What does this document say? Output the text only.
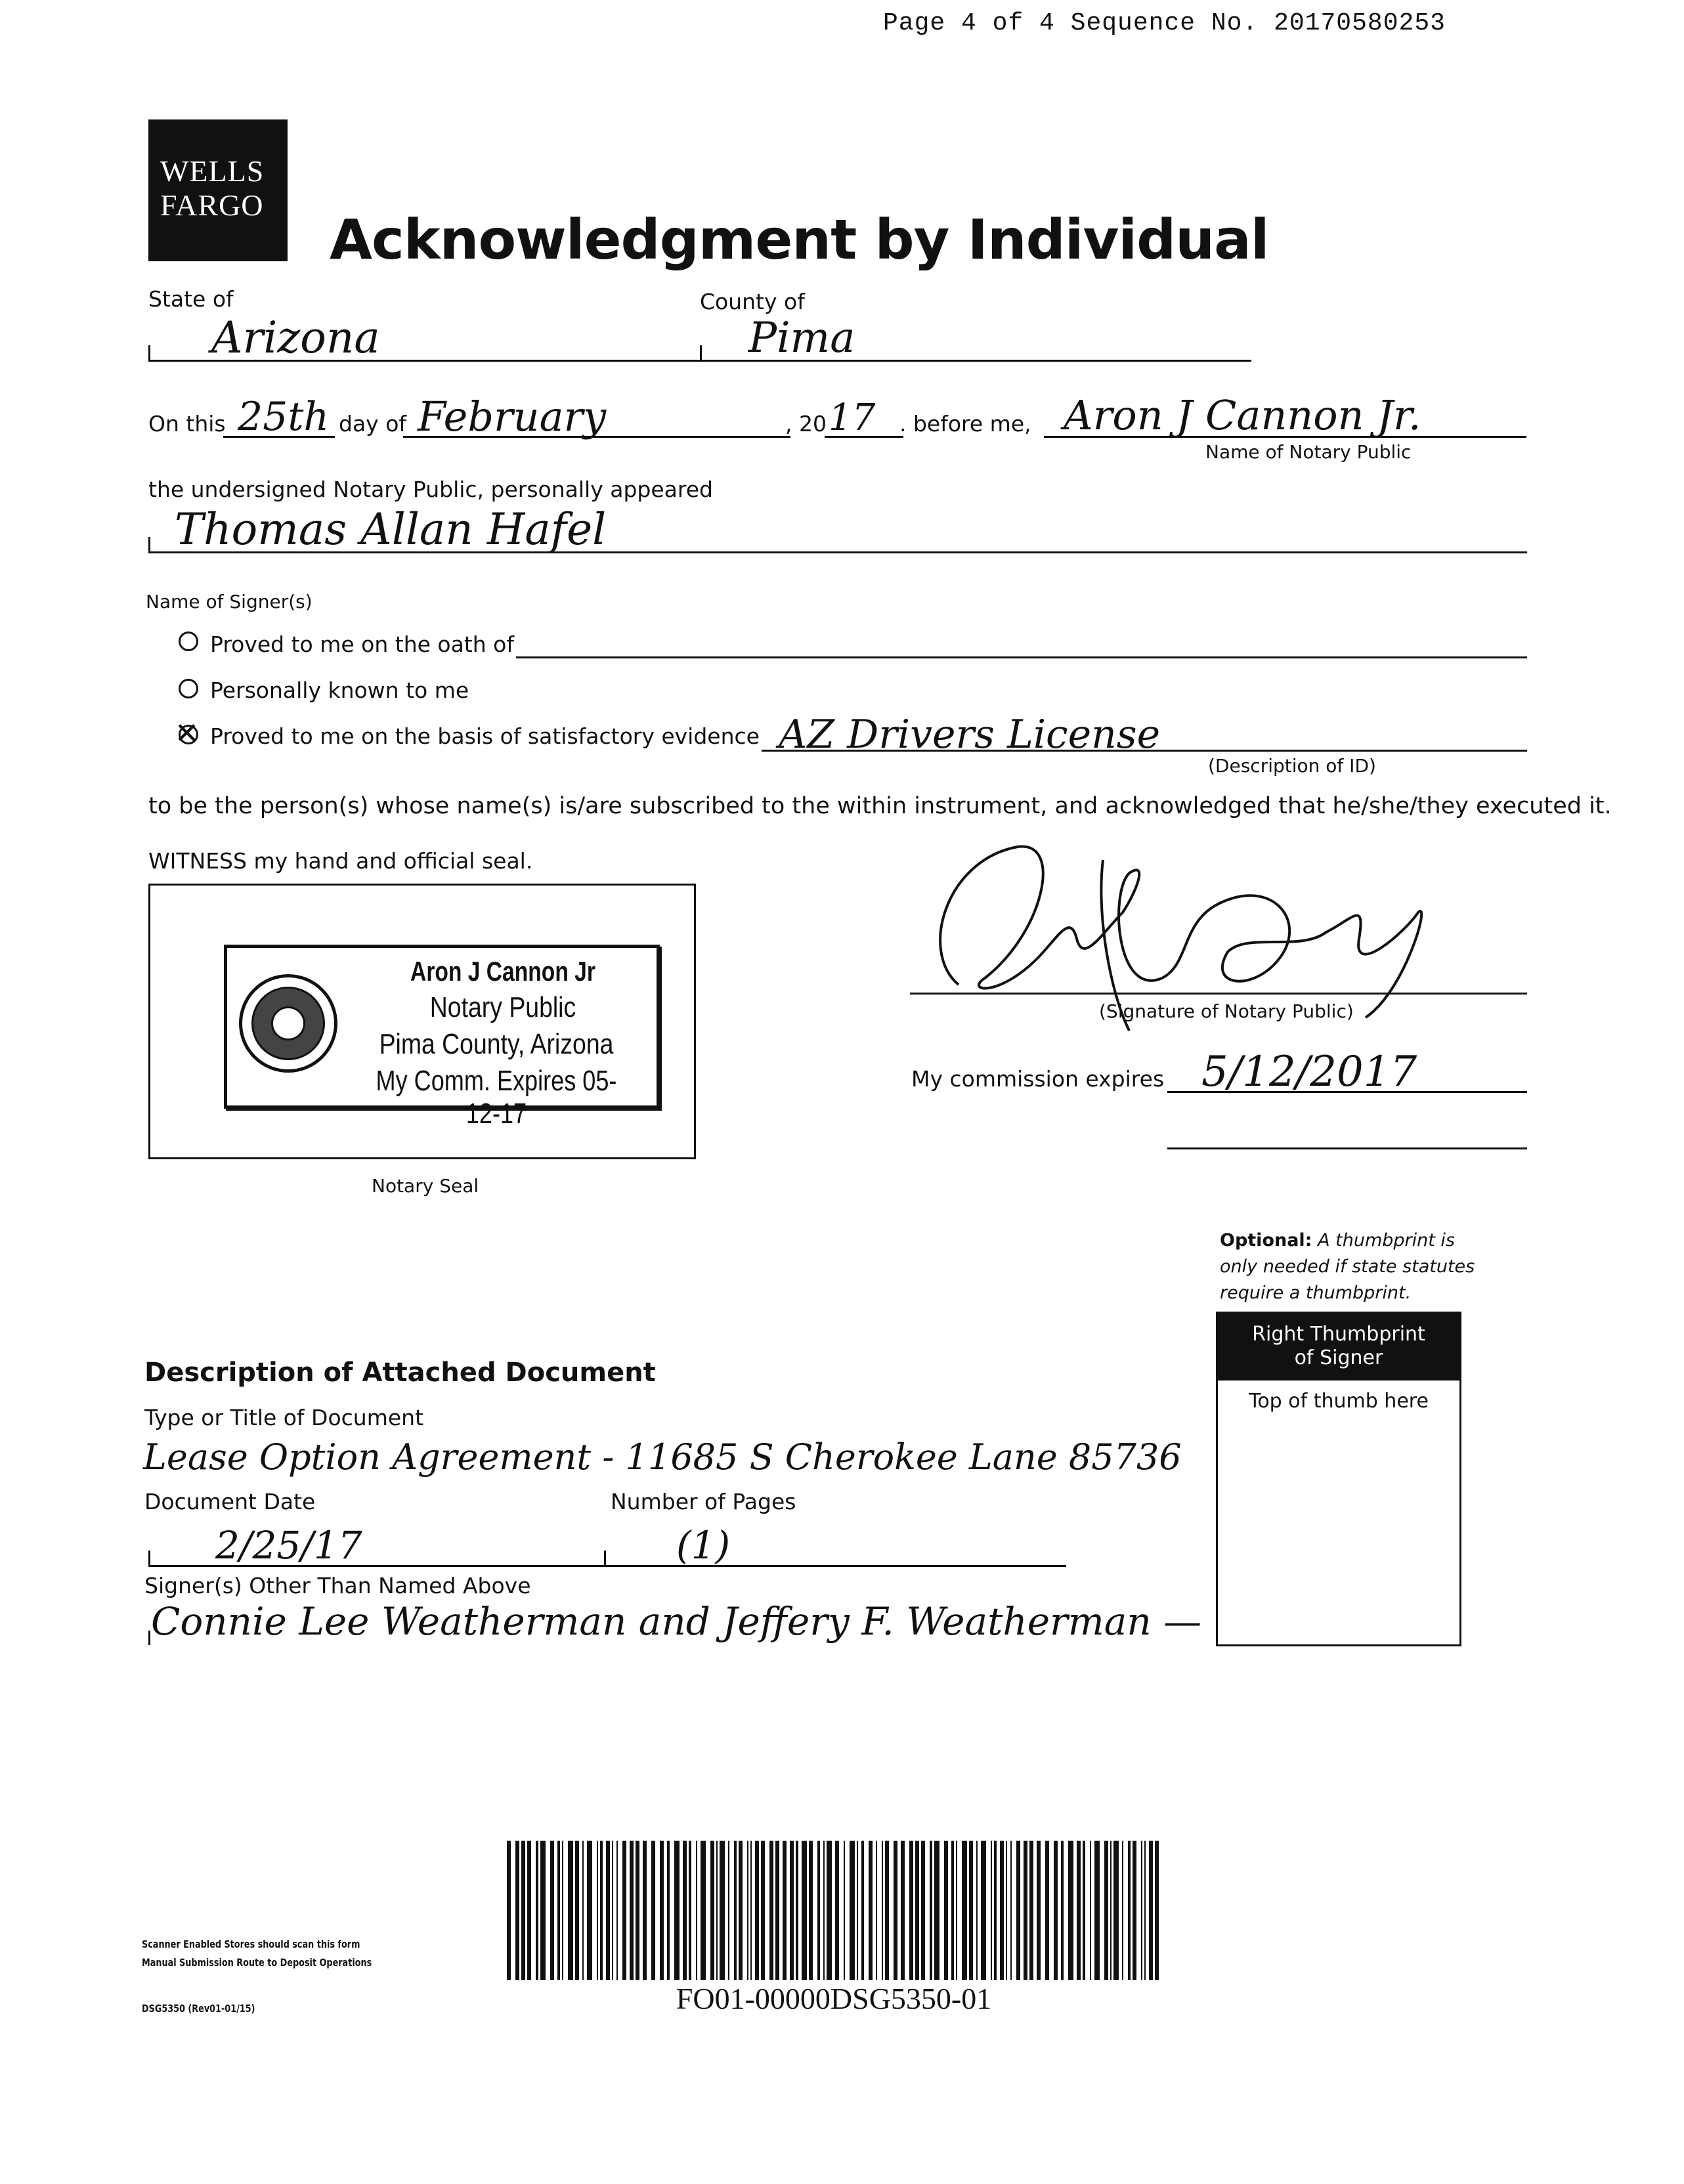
Page 4 of 4 Sequence No. 20170580253
WELLS
FARGO
Acknowledgment by Individual
State of	County of
Arizona	Pima
On this 25th day of February	, 20 17 . before me, Aron J Cannon Jr.
Name of Notary Public
the undersigned Notary Public, personally appeared
Thomas Allan Hafel
Name of Signer(s)
Proved to me on the oath of
Personally known to me
✕ Proved to me on the basis of satisfactory evidence AZ Drivers License
(Description of ID)
to be the person(s) whose name(s) is/are subscribed to the within instrument, and acknowledged that he/she/they executed it.
WITNESS my hand and official seal.
Aron J Cannon Jr
Notary Public
Pima County, Arizona
My Comm. Expires 05-12-17
Notary Seal
(Signature of Notary Public)
My commission expires 5/12/2017
Optional: A thumbprint is
only needed if state statutes
require a thumbprint.
Right Thumbprint
of Signer
Top of thumb here
Description of Attached Document
Type or Title of Document
Lease Option Agreement - 11685 S Cherokee Lane 85736
Document Date	Number of Pages
2/25/17	(1)
Signer(s) Other Than Named Above
Connie Lee Weatherman and Jeffery F. Weatherman —
Scanner Enabled Stores should scan this form
Manual Submission Route to Deposit Operations
DSG5350 (Rev01-01/15)	FO01-00000DSG5350-01
